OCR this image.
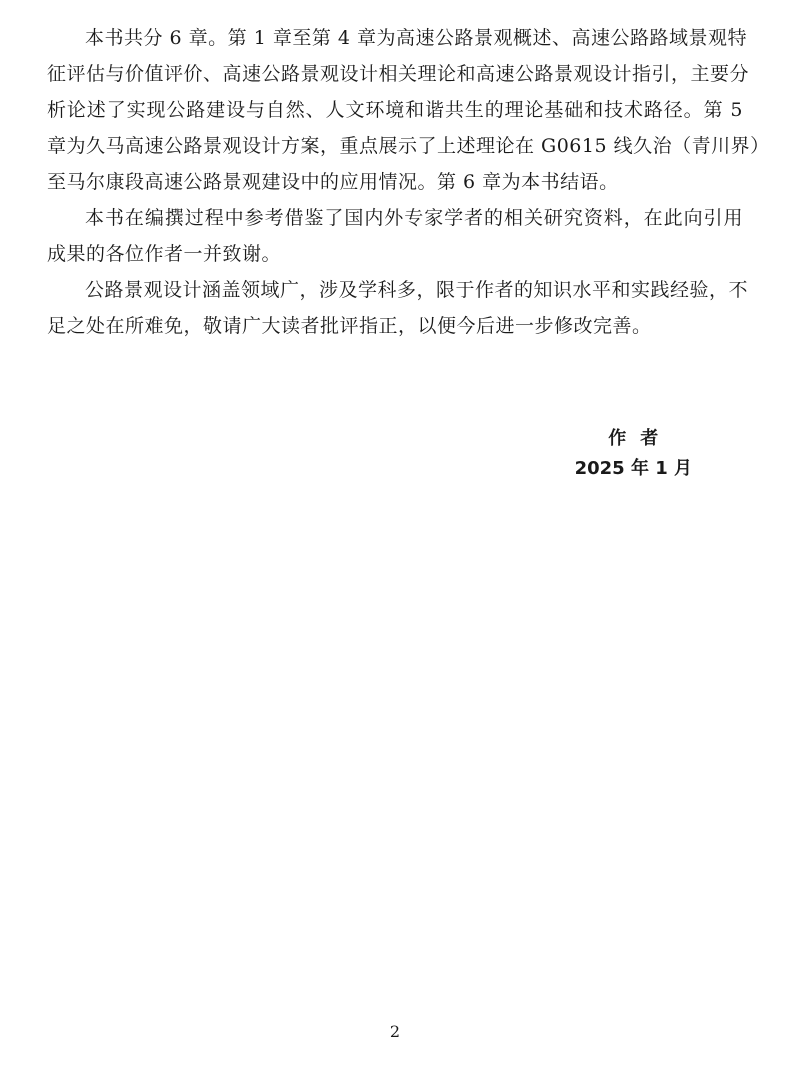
本书共分 6 章。第 1 章至第 4 章为高速公路景观概述、高速公路路域景观特
征评估与价值评价、高速公路景观设计相关理论和高速公路景观设计指引，主要分
析论述了实现公路建设与自然、人文环境和谐共生的理论基础和技术路径。第 5
章为久马高速公路景观设计方案，重点展示了上述理论在 G0615 线久治（青川界）
至马尔康段高速公路景观建设中的应用情况。第 6 章为本书结语。
本书在编撰过程中参考借鉴了国内外专家学者的相关研究资料，在此向引用
成果的各位作者一并致谢。
公路景观设计涵盖领域广，涉及学科多，限于作者的知识水平和实践经验，不
足之处在所难免，敬请广大读者批评指正，以便今后进一步修改完善。
作者
2025 年 1 月
2
